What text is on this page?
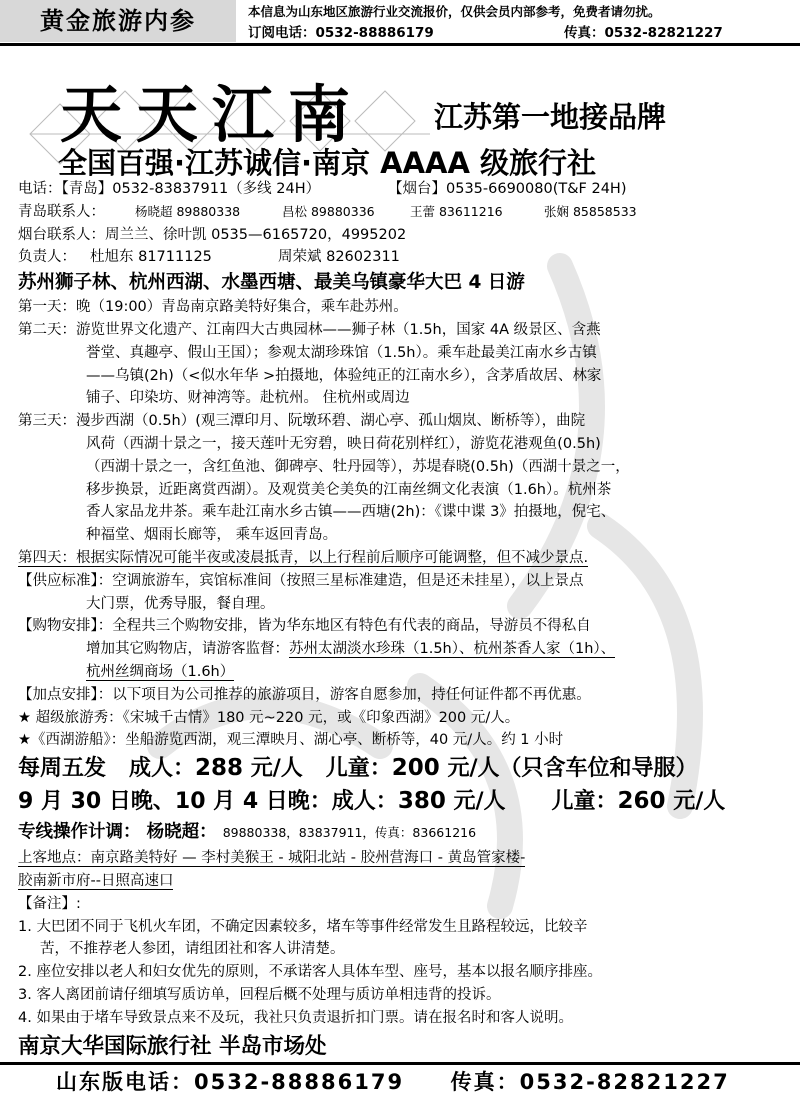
黄金旅游内参	本信息为山东地区旅游行业交流报价，仅供会员内部参考，免费者请勿扰。
订阅电话：0532-88886179	传真：0532-82821227
天天江南 江苏第一地接品牌
全国百强·江苏诚信·南京 AAAA 级旅行社
电话：【青岛】0532-83837911（多线 24H）	【烟台】0535-6690080(T&F 24H)
青岛联系人： 杨晓超 89880338	昌松 89880336	王蕾 83611216	张娴 85858533
烟台联系人：周兰兰、徐叶凯 0535—6165720，4995202
负责人： 杜旭东 81711125	周荣斌 82602311
苏州狮子林、杭州西湖、水墨西塘、最美乌镇豪华大巴 4 日游
第一天：晚（19:00）青岛南京路美特好集合，乘车赴苏州。
第二天：游览世界文化遗产、江南四大古典园林——狮子林（1.5h，国家 4A 级景区、含燕
誉堂、真趣亭、假山王国）；参观太湖珍珠馆（1.5h）。乘车赴最美江南水乡古镇
——乌镇(2h)（<似水年华 >拍摄地，体验纯正的江南水乡），含茅盾故居、林家
铺子、印染坊、财神湾等。赴杭州。 住杭州或周边
第三天：漫步西湖（0.5h）(观三潭印月、阮墩环碧、湖心亭、孤山烟岚、断桥等），曲院
风荷（西湖十景之一，接天莲叶无穷碧，映日荷花别样红），游览花港观鱼(0.5h)
（西湖十景之一，含红鱼池、御碑亭、牡丹园等），苏堤春晓(0.5h)（西湖十景之一，
移步换景，近距离赏西湖）。及观赏美仑美奂的江南丝绸文化表演（1.6h）。杭州茶
香人家品龙井茶。乘车赴江南水乡古镇——西塘(2h)：《谍中谍 3》拍摄地，倪宅、
种福堂、烟雨长廊等， 乘车返回青岛。
第四天：根据实际情况可能半夜或凌晨抵青，以上行程前后顺序可能调整，但不减少景点.
【供应标准】：空调旅游车，宾馆标准间（按照三星标准建造，但是还未挂星），以上景点
大门票，优秀导服，餐自理。
【购物安排】：全程共三个购物安排，皆为华东地区有特色有代表的商品，导游员不得私自
增加其它购物店，请游客监督：苏州太湖淡水珍珠（1.5h）、杭州茶香人家（1h）、
杭州丝绸商场（1.6h）
【加点安排】：以下项目为公司推荐的旅游项目，游客自愿参加，持任何证件都不再优惠。
★ 超级旅游秀：《宋城千古情》180 元~220 元，或《印象西湖》200 元/人。
★《西湖游船》：坐船游览西湖，观三潭映月、湖心亭、断桥等，40 元/人。约 1 小时
每周五发 成人：288 元/人 儿童：200 元/人（只含车位和导服）
9 月 30 日晚、10 月 4 日晚：成人：380 元/人 儿童：260 元/人
专线操作计调： 杨晓超： 89880338，83837911，传真：83661216
上客地点：南京路美特好 — 李村美猴王 - 城阳北站 - 胶州营海口 - 黄岛管家楼-
胶南新市府--日照高速口
【备注】:
1. 大巴团不同于飞机火车团，不确定因素较多，堵车等事件经常发生且路程较远，比较辛
苦，不推荐老人参团，请组团社和客人讲清楚。
2. 座位安排以老人和妇女优先的原则，不承诺客人具体车型、座号，基本以报名顺序排座。
3. 客人离团前请仔细填写质访单，回程后概不处理与质访单相违背的投诉。
4. 如果由于堵车导致景点来不及玩，我社只负责退折扣门票。请在报名时和客人说明。
南京大华国际旅行社 半岛市场处
山东版电话：0532-88886179 传真：0532-82821227
